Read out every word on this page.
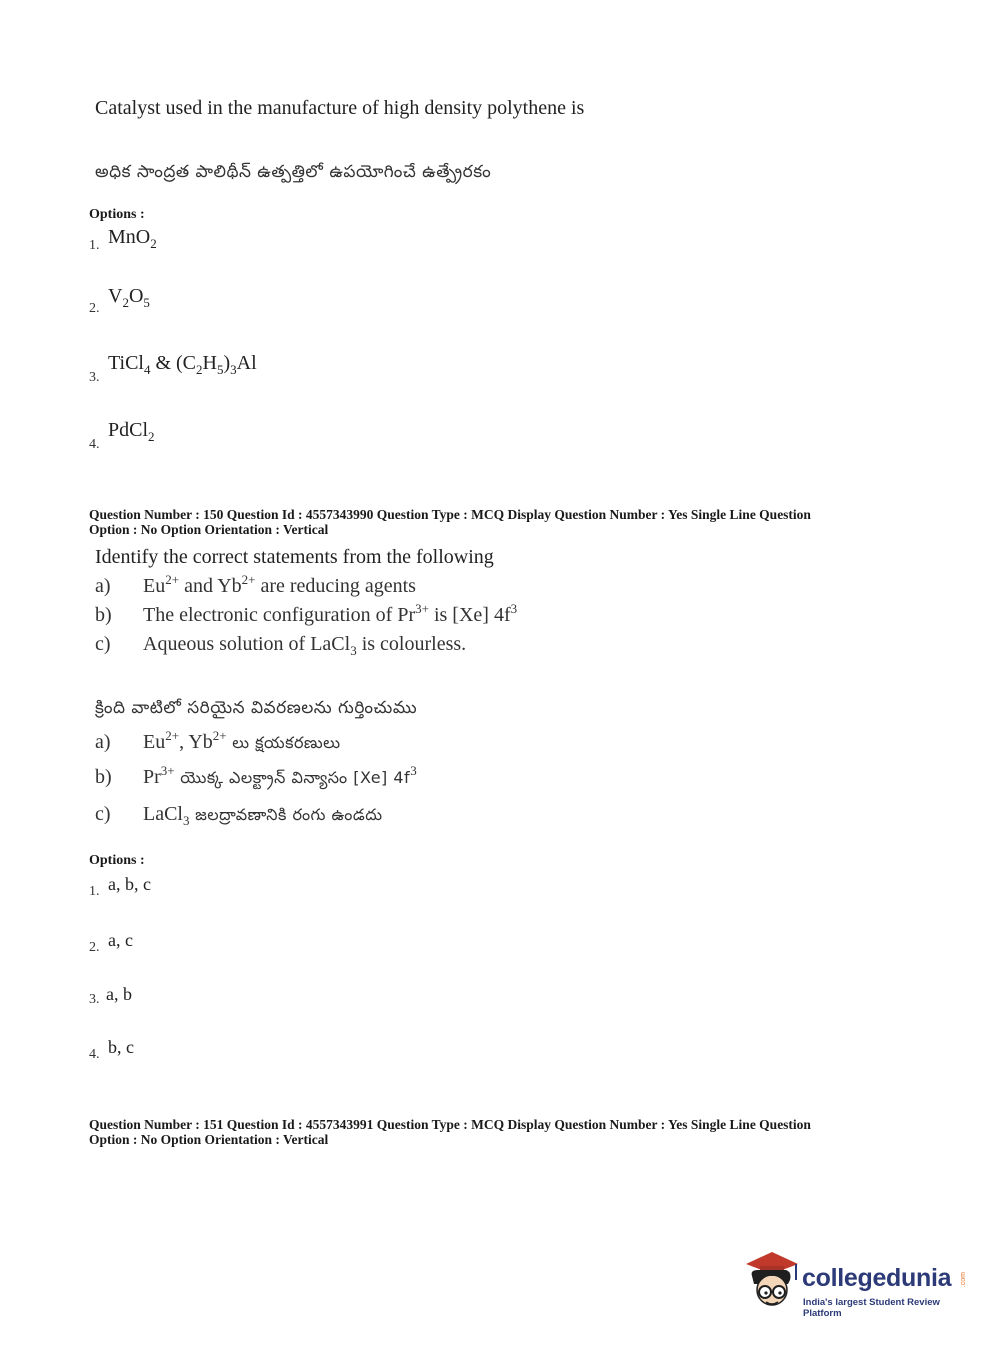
Catalyst used in the manufacture of high density polythene is
అధిక సాంద్రత పాలిథీన్ ఉత్పత్తిలో ఉపయోగించే ఉత్ప్రేరకం
Options :
1. MnO$_2$
2.
$V_2O_5$
3.
TiCl$_4$ & $(C_2H_5)_3Al$
4.
PdCl$_2$
Question Number : 150 Question Id : 4557343990 Question Type : MCQ Display Question Number : Yes Single Line Question
Option : No Option Orientation : Vertical
Identify the correct statements from the following
a) $Eu^{2+}$ and $Yb^{2+}$ are reducing agents
b) The electronic configuration of $Pr^{3+}$ is [Xe] $4f^3$
c) Aqueous solution of LaCl$_3$ is colourless.
క్రింది వాటిలో సరియైన వివరణలను గుర్తించుము
a) $Eu^{2+}$, $Yb^{2+}$ లు క్షయకరణులు
b) $Pr^{3+}$ యొక్క ఎలక్ట్రాన్ విన్యాసం [Xe] $4f^3$
c) LaCl$_3$ జలద్రావణానికి రంగు ఉండదు
Options :
1. a, b, c
2. a, c
3. a, b
4. b, c
Question Number : 151 Question Id : 4557343991 Question Type : MCQ Display Question Number : Yes Single Line Question
Option : No Option Orientation : Vertical
collegedunia .com
India's largest Student Review Platform
